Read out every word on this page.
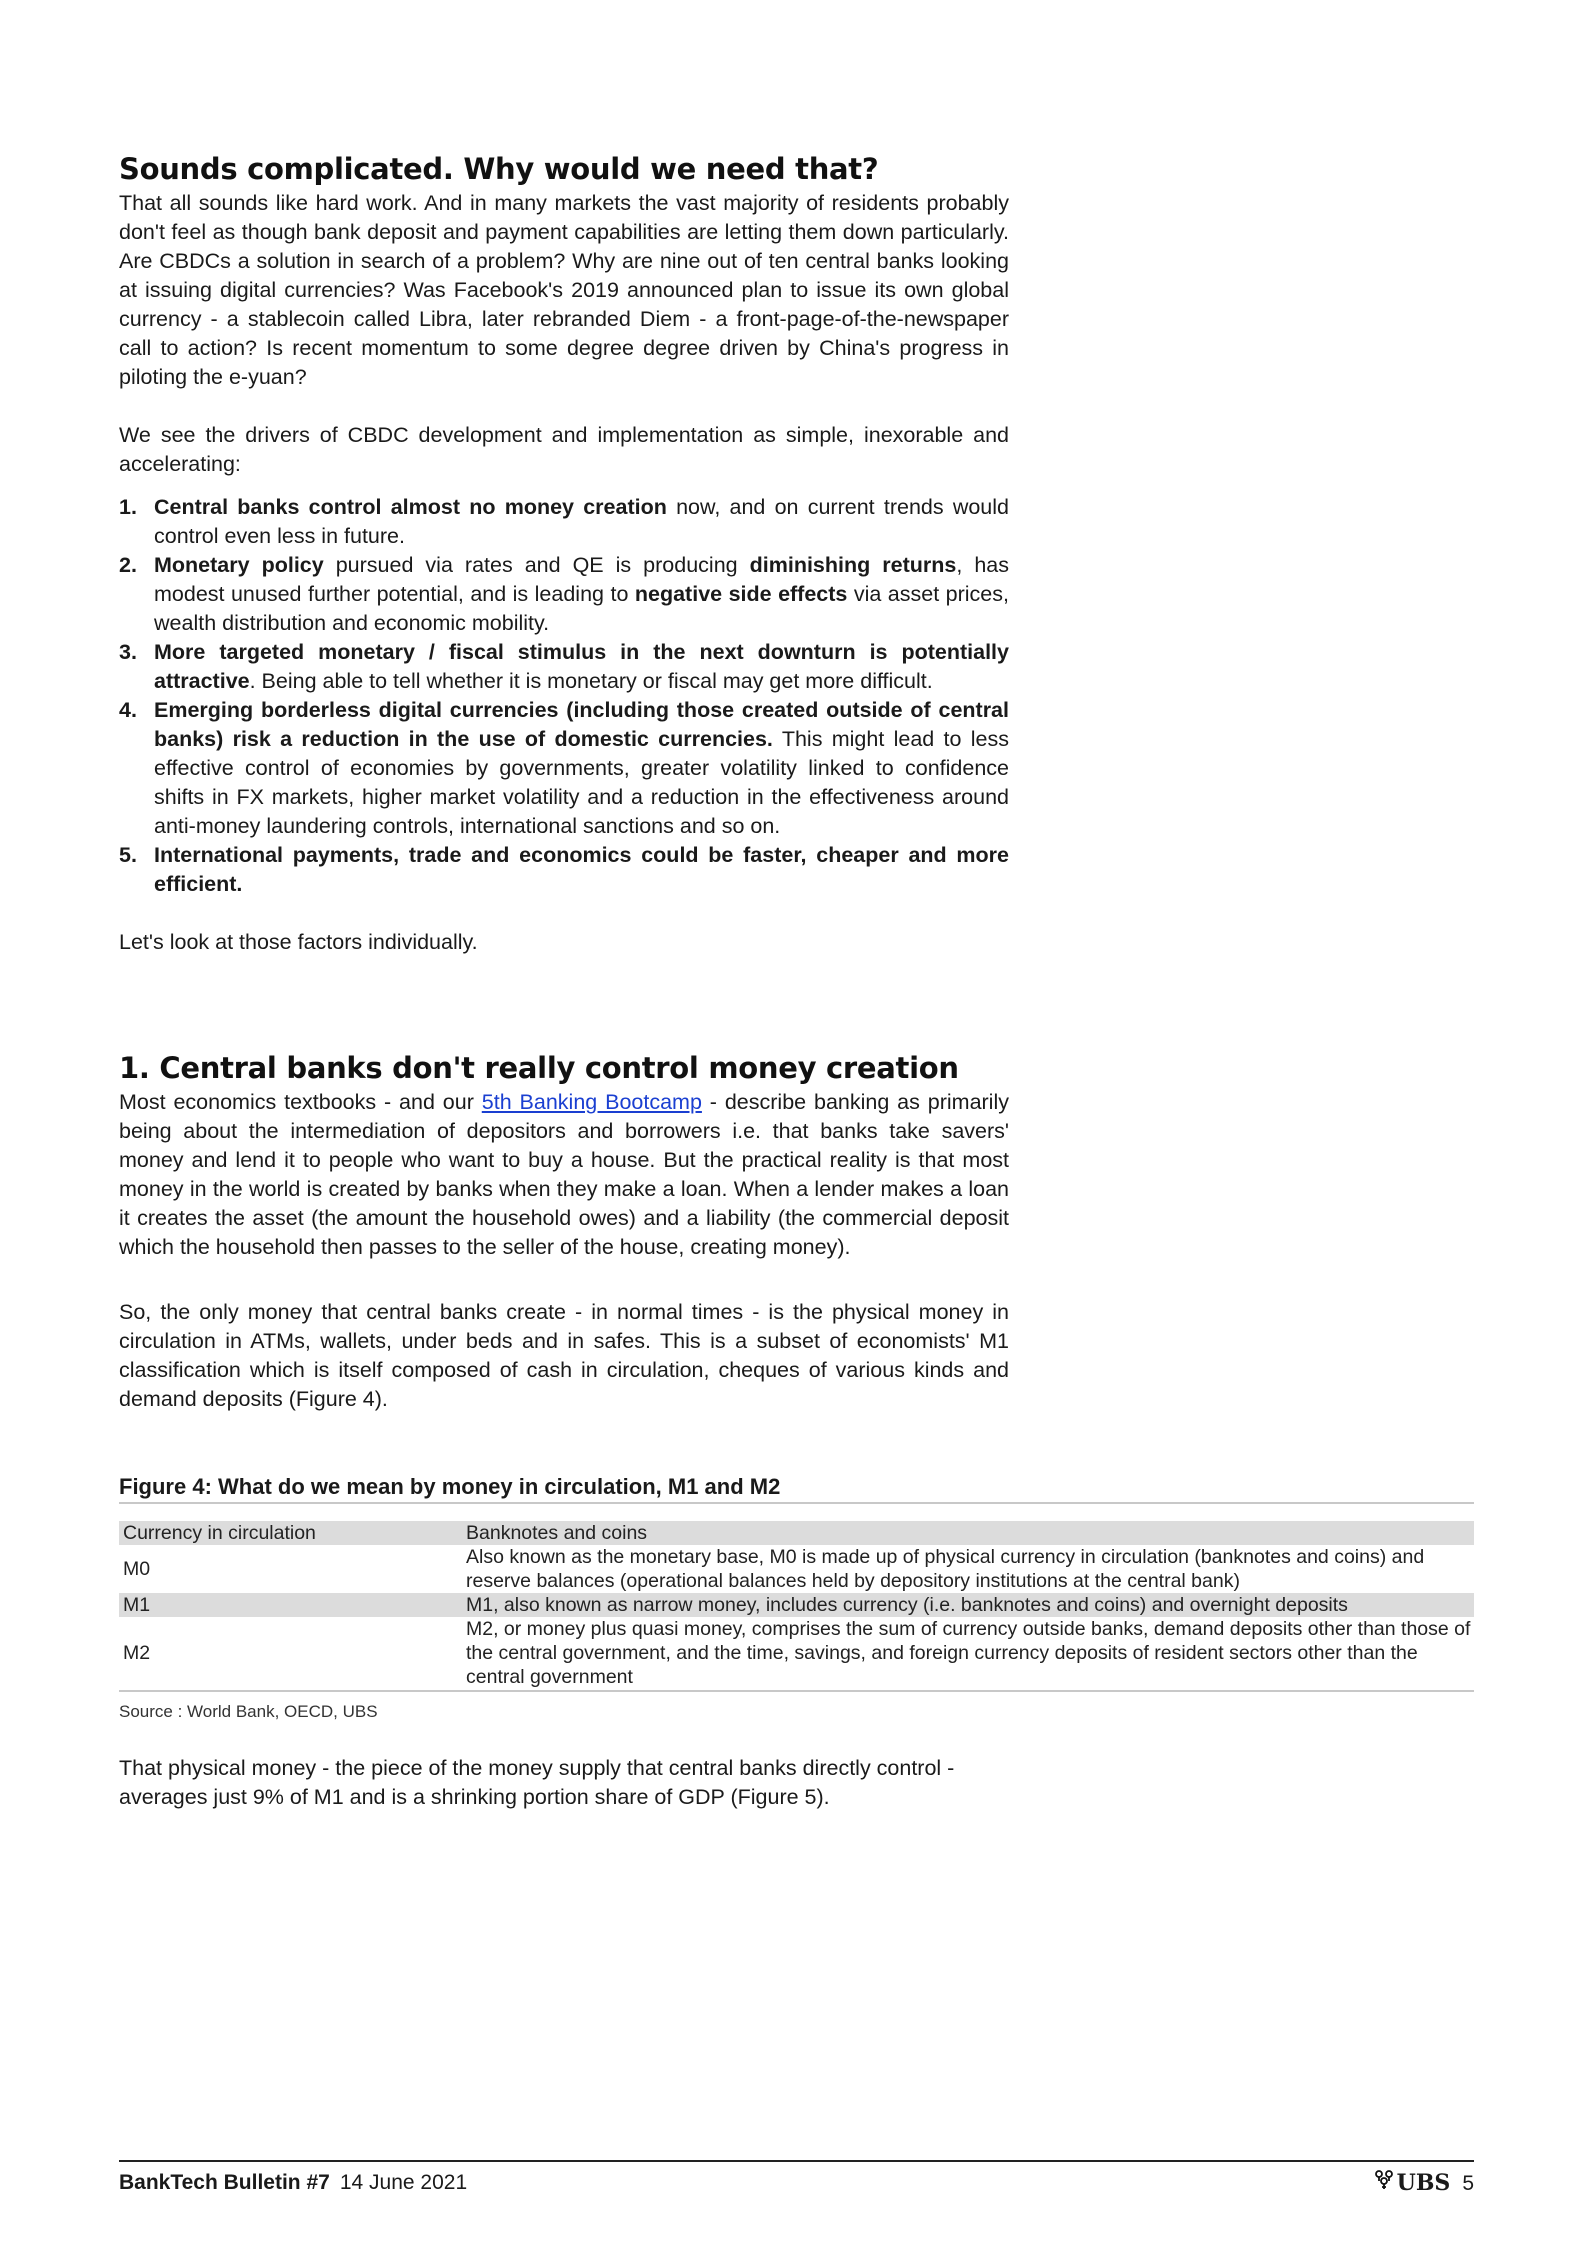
Sounds complicated. Why would we need that?

That all sounds like hard work. And in many markets the vast majority of residents probably don't feel as though bank deposit and payment capabilities are letting them down particularly. Are CBDCs a solution in search of a problem? Why are nine out of ten central banks looking at issuing digital currencies? Was Facebook's 2019 announced plan to issue its own global currency - a stablecoin called Libra, later rebranded Diem - a front-page-of-the-newspaper call to action? Is recent momentum to some degree degree driven by China's progress in piloting the e-yuan?

We see the drivers of CBDC development and implementation as simple, inexorable and accelerating:

1. Central banks control almost no money creation now, and on current trends would control even less in future.
2. Monetary policy pursued via rates and QE is producing diminishing returns, has modest unused further potential, and is leading to negative side effects via asset prices, wealth distribution and economic mobility.
3. More targeted monetary / fiscal stimulus in the next downturn is potentially attractive. Being able to tell whether it is monetary or fiscal may get more difficult.
4. Emerging borderless digital currencies (including those created outside of central banks) risk a reduction in the use of domestic currencies. This might lead to less effective control of economies by governments, greater volatility linked to confidence shifts in FX markets, higher market volatility and a reduction in the effectiveness around anti-money laundering controls, international sanctions and so on.
5. International payments, trade and economics could be faster, cheaper and more efficient.

Let's look at those factors individually.

1. Central banks don't really control money creation

Most economics textbooks - and our 5th Banking Bootcamp - describe banking as primarily being about the intermediation of depositors and borrowers i.e. that banks take savers' money and lend it to people who want to buy a house. But the practical reality is that most money in the world is created by banks when they make a loan. When a lender makes a loan it creates the asset (the amount the household owes) and a liability (the commercial deposit which the household then passes to the seller of the house, creating money).

So, the only money that central banks create - in normal times - is the physical money in circulation in ATMs, wallets, under beds and in safes. This is a subset of economists' M1 classification which is itself composed of cash in circulation, cheques of various kinds and demand deposits (Figure 4).

Figure 4: What do we mean by money in circulation, M1 and M2
Currency in circulation	Banknotes and coins
M0	Also known as the monetary base, M0 is made up of physical currency in circulation (banknotes and coins) and reserve balances (operational balances held by depository institutions at the central bank)
M1	M1, also known as narrow money, includes currency (i.e. banknotes and coins) and overnight deposits
M2	M2, or money plus quasi money, comprises the sum of currency outside banks, demand deposits other than those of the central government, and the time, savings, and foreign currency deposits of resident sectors other than the central government
Source : World Bank, OECD, UBS

That physical money - the piece of the money supply that central banks directly control - averages just 9% of M1 and is a shrinking portion share of GDP (Figure 5).

BankTech Bulletin #7 14 June 2021	UBS 5
